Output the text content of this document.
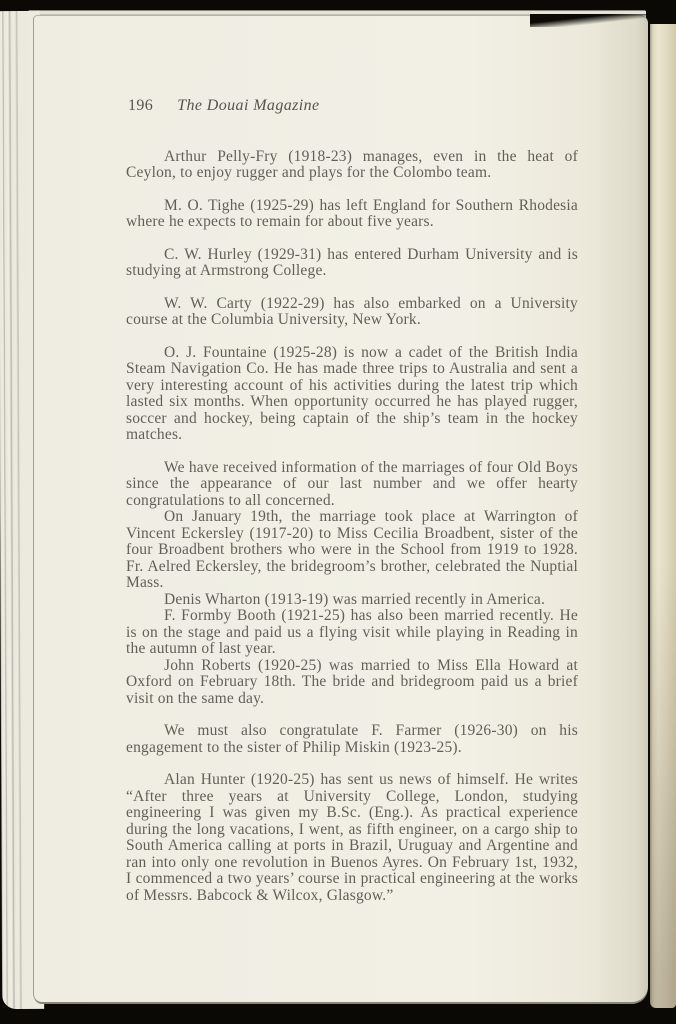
196 The Douai Magazine

Arthur Pelly-Fry (1918-23) manages, even in the heat of Ceylon, to enjoy rugger and plays for the Colombo team.

M. O. Tighe (1925-29) has left England for Southern Rhodesia where he expects to remain for about five years.

C. W. Hurley (1929-31) has entered Durham University and is studying at Armstrong College.

W. W. Carty (1922-29) has also embarked on a University course at the Columbia University, New York.

O. J. Fountaine (1925-28) is now a cadet of the British India Steam Navigation Co. He has made three trips to Australia and sent a very interesting account of his activities during the latest trip which lasted six months. When opportunity occurred he has played rugger, soccer and hockey, being captain of the ship’s team in the hockey matches.

We have received information of the marriages of four Old Boys since the appearance of our last number and we offer hearty congratulations to all concerned.

On January 19th, the marriage took place at Warrington of Vincent Eckersley (1917-20) to Miss Cecilia Broadbent, sister of the four Broadbent brothers who were in the School from 1919 to 1928. Fr. Aelred Eckersley, the bridegroom’s brother, celebrated the Nuptial Mass.

Denis Wharton (1913-19) was married recently in America.

F. Formby Booth (1921-25) has also been married recently. He is on the stage and paid us a flying visit while playing in Reading in the autumn of last year.

John Roberts (1920-25) was married to Miss Ella Howard at Oxford on February 18th. The bride and bridegroom paid us a brief visit on the same day.

We must also congratulate F. Farmer (1926-30) on his engagement to the sister of Philip Miskin (1923-25).

Alan Hunter (1920-25) has sent us news of himself. He writes “After three years at University College, London, studying engineering I was given my B.Sc. (Eng.). As practical experience during the long vacations, I went, as fifth engineer, on a cargo ship to South America calling at ports in Brazil, Uruguay and Argentine and ran into only one revolution in Buenos Ayres. On February 1st, 1932, I commenced a two years’ course in practical engineering at the works of Messrs. Babcock & Wilcox, Glasgow.”
